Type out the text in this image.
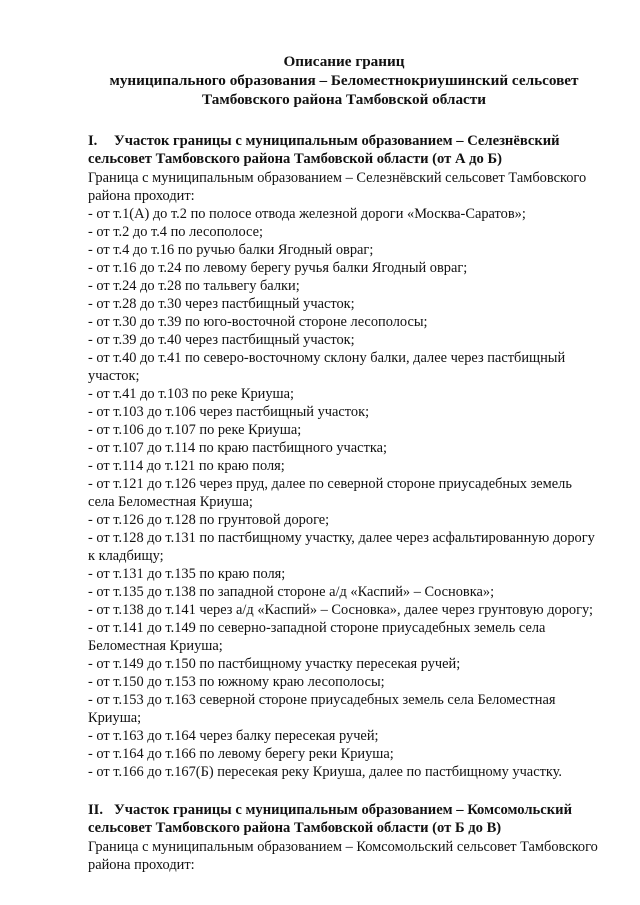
Описание границ
муниципального образования – Беломестнокриушинский сельсовет
Тамбовского района Тамбовской области

I. Участок границы с муниципальным образованием – Селезнёвский
сельсовет Тамбовского района Тамбовской области (от А до Б)

Граница с муниципальным образованием – Селезнёвский сельсовет Тамбовского района проходит:

- от т.1(А) до т.2 по полосе отвода железной дороги «Москва-Саратов»;

- от т.2 до т.4 по лесополосе;

- от т.4 до т.16 по ручью балки Ягодный овраг;

- от т.16 до т.24 по левому берегу ручья балки Ягодный овраг;

- от т.24 до т.28 по тальвегу балки;

- от т.28 до т.30 через пастбищный участок;

- от т.30 до т.39 по юго-восточной стороне лесополосы;

- от т.39 до т.40 через пастбищный участок;

- от т.40 до т.41 по северо-восточному склону балки, далее через пастбищный участок;

- от т.41 до т.103 по реке Криуша;

- от т.103 до т.106 через пастбищный участок;

- от т.106 до т.107 по реке Криуша;

- от т.107 до т.114 по краю пастбищного участка;

- от т.114 до т.121 по краю поля;

- от т.121 до т.126 через пруд, далее по северной стороне приусадебных земель села Беломестная Криуша;

- от т.126 до т.128 по грунтовой дороге;

- от т.128 до т.131 по пастбищному участку, далее через асфальтированную дорогу к кладбищу;

- от т.131 до т.135 по краю поля;

- от т.135 до т.138 по западной стороне а/д «Каспий» – Сосновка»;

- от т.138 до т.141 через а/д «Каспий» – Сосновка», далее через грунтовую дорогу;

- от т.141 до т.149 по северно-западной стороне приусадебных земель села Беломестная Криуша;

- от т.149 до т.150 по пастбищному участку пересекая ручей;

- от т.150 до т.153 по южному краю лесополосы;

- от т.153 до т.163 северной стороне приусадебных земель села Беломестная Криуша;

- от т.163 до т.164 через балку пересекая ручей;

- от т.164 до т.166 по левому берегу реки Криуша;

- от т.166 до т.167(Б) пересекая реку Криуша, далее по пастбищному участку.

II. Участок границы с муниципальным образованием – Комсомольский
сельсовет Тамбовского района Тамбовской области (от Б до В)

Граница с муниципальным образованием – Комсомольский сельсовет Тамбовского района проходит:
